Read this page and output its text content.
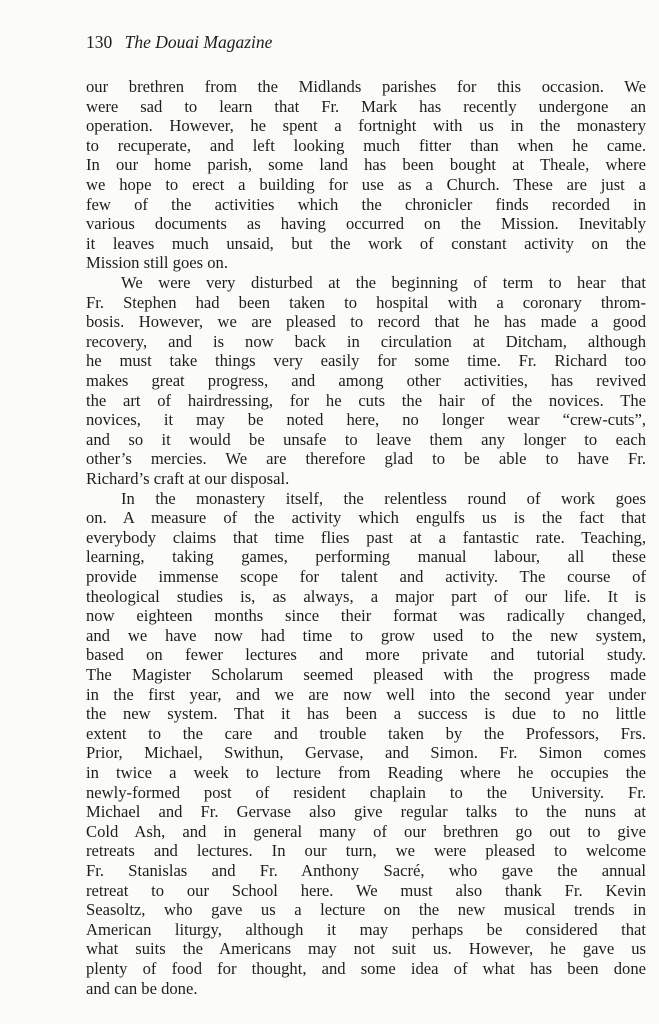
130 The Douai Magazine
our brethren from the Midlands parishes for this occasion. We
were sad to learn that Fr. Mark has recently undergone an
operation. However, he spent a fortnight with us in the monastery
to recuperate, and left looking much fitter than when he came.
In our home parish, some land has been bought at Theale, where
we hope to erect a building for use as a Church. These are just a
few of the activities which the chronicler finds recorded in
various documents as having occurred on the Mission. Inevitably
it leaves much unsaid, but the work of constant activity on the
Mission still goes on.
We were very disturbed at the beginning of term to hear that
Fr. Stephen had been taken to hospital with a coronary throm-
bosis. However, we are pleased to record that he has made a good
recovery, and is now back in circulation at Ditcham, although
he must take things very easily for some time. Fr. Richard too
makes great progress, and among other activities, has revived
the art of hairdressing, for he cuts the hair of the novices. The
novices, it may be noted here, no longer wear “crew-cuts”,
and so it would be unsafe to leave them any longer to each
other’s mercies. We are therefore glad to be able to have Fr.
Richard’s craft at our disposal.
In the monastery itself, the relentless round of work goes
on. A measure of the activity which engulfs us is the fact that
everybody claims that time flies past at a fantastic rate. Teaching,
learning, taking games, performing manual labour, all these
provide immense scope for talent and activity. The course of
theological studies is, as always, a major part of our life. It is
now eighteen months since their format was radically changed,
and we have now had time to grow used to the new system,
based on fewer lectures and more private and tutorial study.
The Magister Scholarum seemed pleased with the progress made
in the first year, and we are now well into the second year under
the new system. That it has been a success is due to no little
extent to the care and trouble taken by the Professors, Frs.
Prior, Michael, Swithun, Gervase, and Simon. Fr. Simon comes
in twice a week to lecture from Reading where he occupies the
newly-formed post of resident chaplain to the University. Fr.
Michael and Fr. Gervase also give regular talks to the nuns at
Cold Ash, and in general many of our brethren go out to give
retreats and lectures. In our turn, we were pleased to welcome
Fr. Stanislas and Fr. Anthony Sacré, who gave the annual
retreat to our School here. We must also thank Fr. Kevin
Seasoltz, who gave us a lecture on the new musical trends in
American liturgy, although it may perhaps be considered that
what suits the Americans may not suit us. However, he gave us
plenty of food for thought, and some idea of what has been done
and can be done.
